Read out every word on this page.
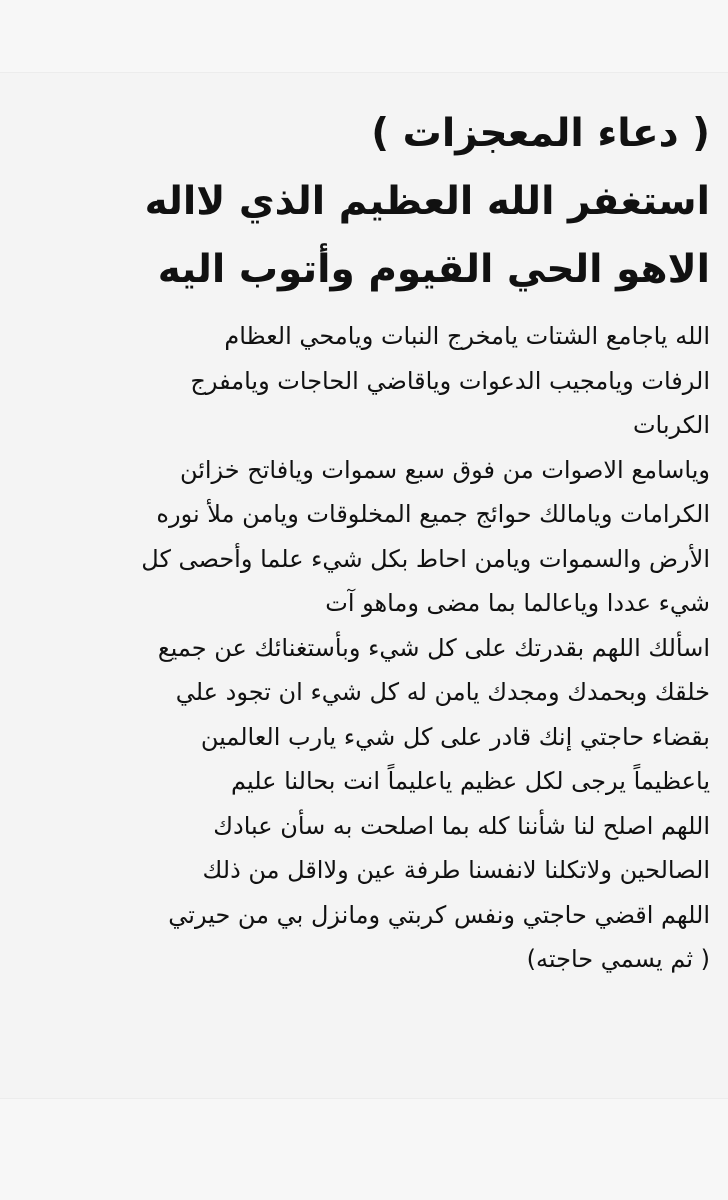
( دعاء المعجزات )

استغفر الله العظيم الذي لااله

الاهو الحي القيوم وأتوب اليه

الله ياجامع الشتات يامخرج النبات ويامحي العظام

الرفات ويامجيب الدعوات وياقاضي الحاجات ويامفرج

الكربات

وياسامع الاصوات من فوق سبع سموات ويافاتح خزائن

الكرامات ويامالك حوائج جميع المخلوقات ويامن ملأ نوره

الأرض والسموات ويامن احاط بكل شيء علما وأحصى كل

شيء عددا وياعالما بما مضى وماهو آت

اسألك اللهم بقدرتك على كل شيء وبأستغنائك عن جميع

خلقك وبحمدك ومجدك يامن له كل شيء ان تجود علي

بقضاء حاجتي إنك قادر على كل شيء يارب العالمين

ياعظيماً يرجى لكل عظيم ياعليماً انت بحالنا عليم

اللهم اصلح لنا شأننا كله بما اصلحت به سأن عبادك

الصالحين ولاتكلنا لانفسنا طرفة عين ولااقل من ذلك

اللهم اقضي حاجتي ونفس كربتي ومانزل بي من حيرتي

( ثم يسمي حاجته)
